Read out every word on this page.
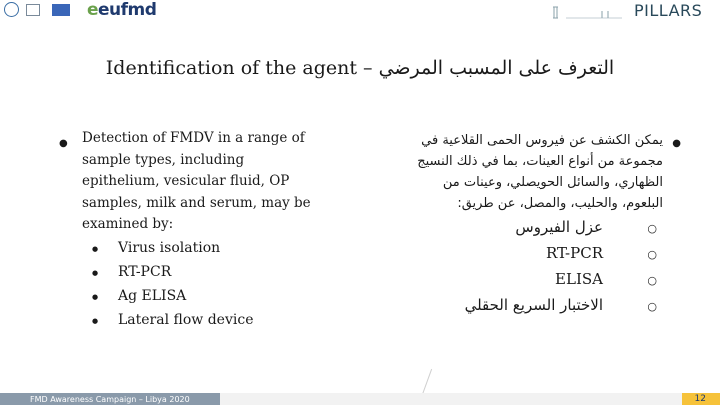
eeufmd	PILLARS
Identification of the agent – التعرف على المسبب المرضي
●	Detection of FMDV in a range of sample types, including epithelium, vesicular fluid, OP samples, milk and serum, may be examined by:
● Virus isolation
● RT-PCR
● Ag ELISA
● Lateral flow device
●
يمكن الكشف عن فيروس الحمى القلاعية في مجموعة من أنواع العينات، بما في ذلك النسيج الظهاري، والسائل الحويصلي، وعينات من البلعوم، والحليب، والمصل، عن طريق:
○
عزل الفيروس
○
RT-PCR
○
ELISA
○
الاختبار السريع الحقلي
FMD Awareness Campaign – Libya 2020	12
